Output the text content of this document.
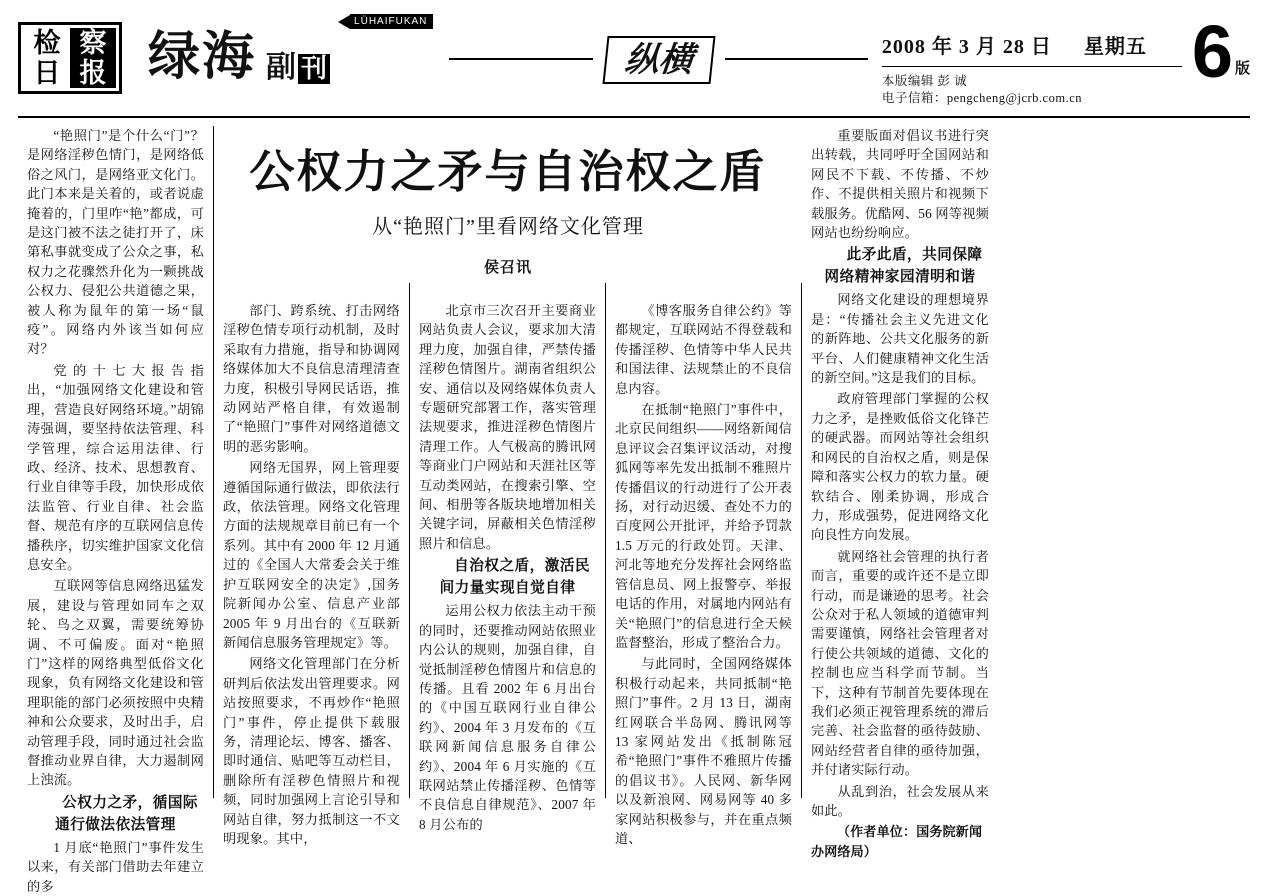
检 察
日 报 绿海 副 刊
LÜHAIFUKAN
纵横	2008 年 3 月 28 日 星期五
本版编辑 彭 诚
电子信箱：pengcheng@jcrb.com.cn
6 版
公权力之矛与自治权之盾
从“艳照门”里看网络文化管理
侯召讯

“艳照门”是个什么“门”？是网络淫秽色情门，是网络低俗之风门，是网络亚文化门。此门本来是关着的，或者说虚掩着的，门里咋“艳”都成，可是这门被不法之徒打开了，床第私事就变成了公众之事，私权力之花骤然升化为一颗挑战公权力、侵犯公共道德之果，被人称为鼠年的第一场“鼠疫”。网络内外该当如何应对？

党的十七大报告指出，“加强网络文化建设和管理，营造良好网络环境。”胡锦涛强调，要坚持依法管理、科学管理，综合运用法律、行政、经济、技术、思想教育、行业自律等手段，加快形成依法监管、行业自律、社会监督、规范有序的互联网信息传播秩序，切实维护国家文化信息安全。

互联网等信息网络迅猛发展，建设与管理如同车之双轮、鸟之双翼，需要统筹协调、不可偏废。面对“艳照门”这样的网络典型低俗文化现象，负有网络文化建设和管理职能的部门必须按照中央精神和公众要求，及时出手，启动管理手段，同时通过社会监督推动业界自律，大力遏制网上浊流。

公权力之矛，循国际通行做法依法管理

1 月底“艳照门”事件发生以来，有关部门借助去年建立的多

部门、跨系统、打击网络淫秽色情专项行动机制，及时采取有力措施，指导和协调网络媒体加大不良信息清理清查力度，积极引导网民话语，推动网站严格自律，有效遏制了“艳照门”事件对网络道德文明的恶劣影响。

网络无国界，网上管理要遵循国际通行做法，即依法行政，依法管理。网络文化管理方面的法规规章目前已有一个系列。其中有 2000 年 12 月通过的《全国人大常委会关于维护互联网安全的决定》,国务院新闻办公室、信息产业部 2005 年 9 月出台的《互联新新闻信息服务管理规定》等。

网络文化管理部门在分析研判后依法发出管理要求。网站按照要求，不再炒作“艳照门”事件，停止提供下载服务，清理论坛、博客、播客、即时通信、贴吧等互动栏目，删除所有淫秽色情照片和视频，同时加强网上言论引导和网站自律，努力抵制这一不文明现象。其中，

北京市三次召开主要商业网站负责人会议，要求加大清理力度，加强自律，严禁传播淫秽色情图片。湖南省组织公安、通信以及网络媒体负责人专题研究部署工作，落实管理法规要求，推进淫秽色情图片清理工作。人气极高的腾讯网等商业门户网站和天涯社区等互动类网站，在搜索引擎、空间、相册等各版块地增加相关关键字词，屏蔽相关色情淫秽照片和信息。

自治权之盾，激活民间力量实现自觉自律

运用公权力依法主动干预的同时，还要推动网站依照业内公认的规则，加强自律，自觉抵制淫秽色情图片和信息的传播。且看 2002 年 6 月出台的《中国互联网行业自律公约》、2004 年 3 月发布的《互联网新闻信息服务自律公约》、2004 年 6 月实施的《互联网站禁止传播淫秽、色情等不良信息自律规范》、2007 年 8 月公布的

《博客服务自律公约》等都规定，互联网站不得登载和传播淫秽、色情等中华人民共和国法律、法规禁止的不良信息内容。

在抵制“艳照门”事件中，北京民间组织——网络新闻信息评议会召集评议活动，对搜狐网等率先发出抵制不雅照片传播倡议的行动进行了公开表扬，对行动迟缓、查处不力的百度网公开批评，并给予罚款 1.5 万元的行政处罚。天津、河北等地充分发挥社会网络监管信息员、网上报警亭、举报电话的作用，对属地内网站有关“艳照门”的信息进行全天候监督整治，形成了整治合力。

与此同时，全国网络媒体积极行动起来，共同抵制“艳照门”事件。2 月 13 日，湖南红网联合半岛网、腾讯网等 13 家网站发出《抵制陈冠希“艳照门”事件不雅照片传播的倡议书》。人民网、新华网以及新浪网、网易网等 40 多家网站积极参与，并在重点频道、

重要版面对倡议书进行突出转载，共同呼吁全国网站和网民不下载、不传播、不炒作、不提供相关照片和视频下载服务。优酷网、56 网等视频网站也纷纷响应。

此矛此盾，共同保障网络精神家园清明和谐

网络文化建设的理想境界是：“传播社会主义先进文化的新阵地、公共文化服务的新平台、人们健康精神文化生活的新空间。”这是我们的目标。

政府管理部门掌握的公权力之矛，是挫败低俗文化锋芒的硬武器。而网站等社会组织和网民的自治权之盾，则是保障和落实公权力的软力量。硬软结合、刚柔协调，形成合力，形成强势，促进网络文化向良性方向发展。

就网络社会管理的执行者而言，重要的或许还不是立即行动，而是谦逊的思考。社会公众对于私人领域的道德审判需要谨慎，网络社会管理者对行使公共领域的道德、文化的控制也应当科学而节制。当下，这种有节制首先要体现在我们必须正视管理系统的滞后完善、社会监督的亟待鼓励、网站经营者自律的亟待加强，并付诸实际行动。

从乱到治，社会发展从来如此。

（作者单位：国务院新闻办网络局）
